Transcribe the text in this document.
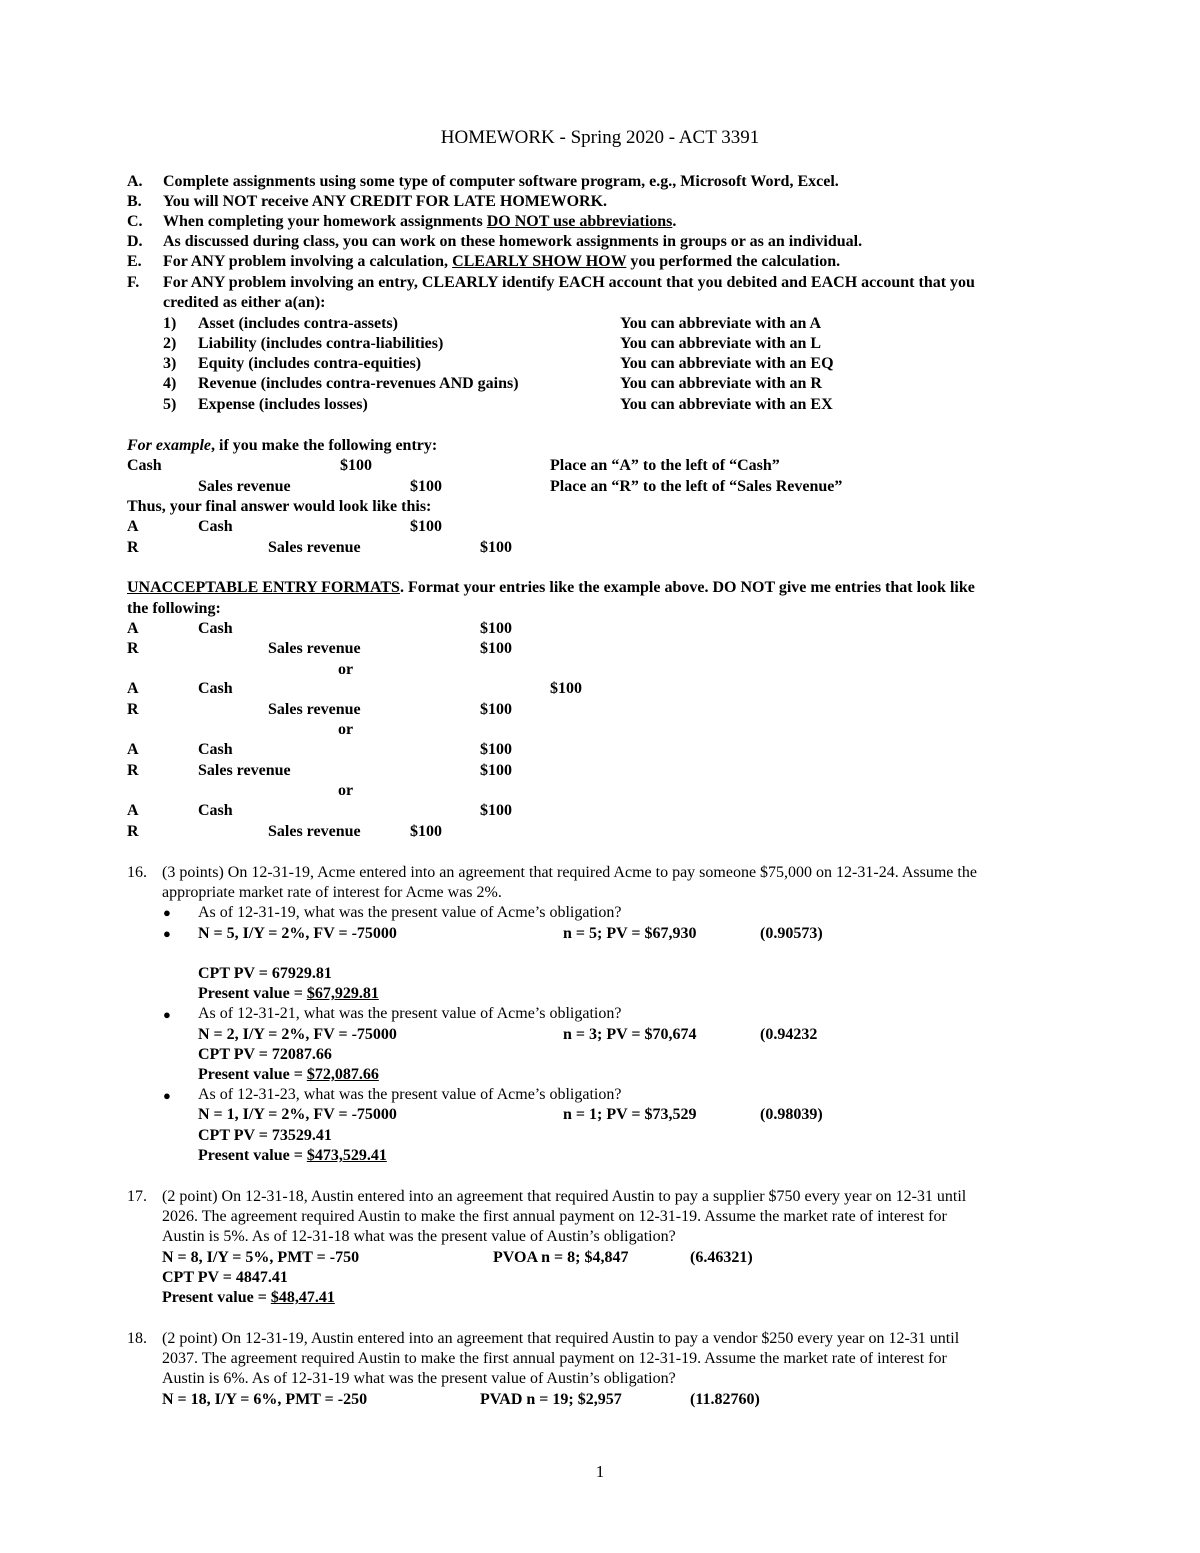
HOMEWORK - Spring 2020 - ACT 3391
A. Complete assignments using some type of computer software program, e.g., Microsoft Word, Excel.
B. You will NOT receive ANY CREDIT FOR LATE HOMEWORK.
C. When completing your homework assignments DO NOT use abbreviations.
D. As discussed during class, you can work on these homework assignments in groups or as an individual.
E. For ANY problem involving a calculation, CLEARLY SHOW HOW you performed the calculation.
F. For ANY problem involving an entry, CLEARLY identify EACH account that you debited and EACH account that you
credited as either a(an):
1) Asset (includes contra-assets)	You can abbreviate with an A
2) Liability (includes contra-liabilities)	You can abbreviate with an L
3) Equity (includes contra-equities)	You can abbreviate with an EQ
4) Revenue (includes contra-revenues AND gains)	You can abbreviate with an R
5) Expense (includes losses)	You can abbreviate with an EX
For example, if you make the following entry:
Cash	$100	Place an “A” to the left of “Cash”
Sales revenue	$100	Place an “R” to the left of “Sales Revenue”
Thus, your final answer would look like this:
A	Cash	$100
R	Sales revenue	$100
UNACCEPTABLE ENTRY FORMATS. Format your entries like the example above. DO NOT give me entries that look like
the following:
A	Cash	$100
R	Sales revenue	$100
or
A	Cash	$100
R	Sales revenue	$100
or
A	Cash	$100
R	Sales revenue	$100
or
A	Cash	$100
R	Sales revenue	$100
16. (3 points) On 12-31-19, Acme entered into an agreement that required Acme to pay someone $75,000 on 12-31-24. Assume the
appropriate market rate of interest for Acme was 2%.
● As of 12-31-19, what was the present value of Acme’s obligation?
● N = 5, I/Y = 2%, FV = -75000	n = 5; PV = $67,930	(0.90573)
CPT PV = 67929.81
Present value = $67,929.81
● As of 12-31-21, what was the present value of Acme’s obligation?
N = 2, I/Y = 2%, FV = -75000	n = 3; PV = $70,674	(0.94232
CPT PV = 72087.66
Present value = $72,087.66
● As of 12-31-23, what was the present value of Acme’s obligation?
N = 1, I/Y = 2%, FV = -75000	n = 1; PV = $73,529	(0.98039)
CPT PV = 73529.41
Present value = $473,529.41
17. (2 point) On 12-31-18, Austin entered into an agreement that required Austin to pay a supplier $750 every year on 12-31 until
2026. The agreement required Austin to make the first annual payment on 12-31-19. Assume the market rate of interest for
Austin is 5%. As of 12-31-18 what was the present value of Austin’s obligation?
N = 8, I/Y = 5%, PMT = -750	PVOA n = 8; $4,847	(6.46321)
CPT PV = 4847.41
Present value = $48,47.41
18. (2 point) On 12-31-19, Austin entered into an agreement that required Austin to pay a vendor $250 every year on 12-31 until
2037. The agreement required Austin to make the first annual payment on 12-31-19. Assume the market rate of interest for
Austin is 6%. As of 12-31-19 what was the present value of Austin’s obligation?
N = 18, I/Y = 6%, PMT = -250	PVAD n = 19; $2,957	(11.82760)
1
